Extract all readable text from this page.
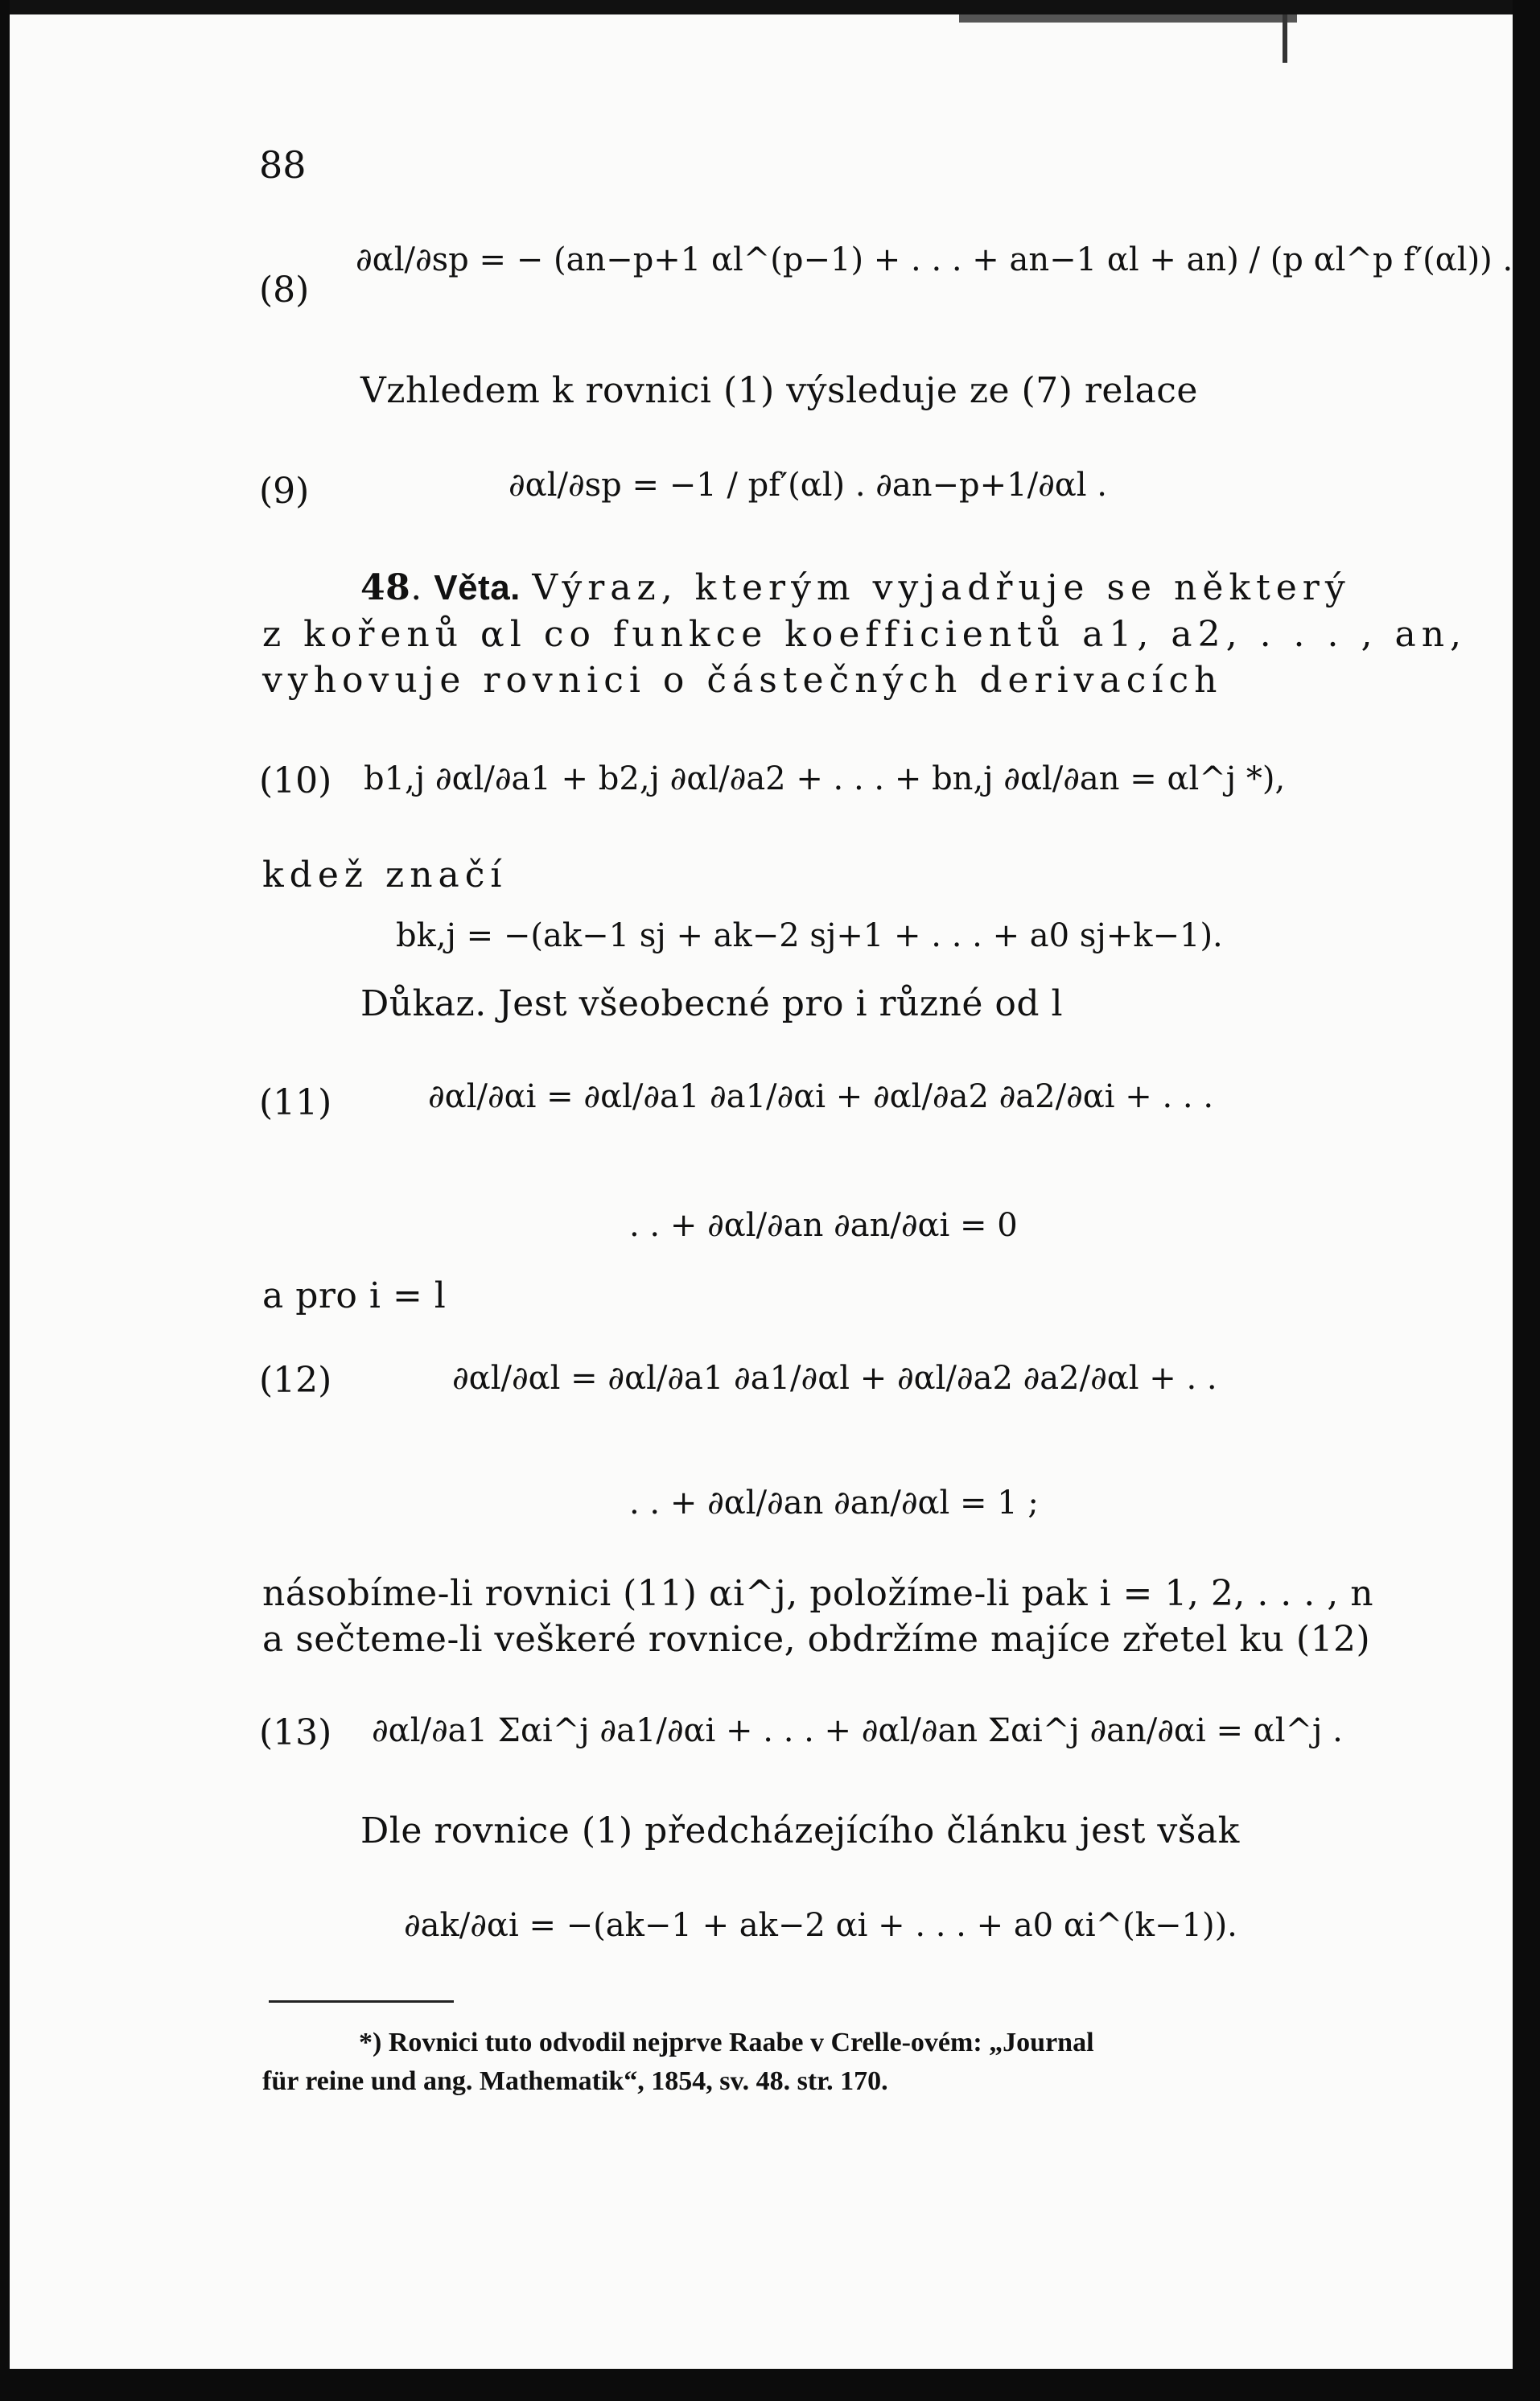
88
(8)
∂αl/∂sp = − (an−p+1 αl^(p−1) + . . . + an−1 αl + an) / (p αl^p f′(αl)) .
Vzhledem k rovnici (1) výsleduje ze (7) relace
(9)	∂αl/∂sp = −1 / pf′(αl) . ∂an−p+1/∂αl .
48. Věta. Výraz, kterým vyjadřuje se některý
z kořenů αl co funkce koefficientů a1, a2, . . . , an,
vyhovuje rovnici o částečných derivacích
(10) b1,j ∂αl/∂a1 + b2,j ∂αl/∂a2 + . . . + bn,j ∂αl/∂an = αl^j *),
kdež značí
bk,j = −(ak−1 sj + ak−2 sj+1 + . . . + a0 sj+k−1).
Důkaz. Jest všeobecné pro i různé od l
(11)	∂αl/∂αi = ∂αl/∂a1 ∂a1/∂αi + ∂αl/∂a2 ∂a2/∂αi + . . .
. . + ∂αl/∂an ∂an/∂αi = 0
a pro i = l
(12)	∂αl/∂αl = ∂αl/∂a1 ∂a1/∂αl + ∂αl/∂a2 ∂a2/∂αl + . .
. . + ∂αl/∂an ∂an/∂αl = 1 ;
násobíme-li rovnici (11) αi^j, položíme-li pak i = 1, 2, . . . , n
a sečteme-li veškeré rovnice, obdržíme majíce zřetel ku (12)
(13) ∂αl/∂a1 Σαi^j ∂a1/∂αi + . . . + ∂αl/∂an Σαi^j ∂an/∂αi = αl^j .
Dle rovnice (1) předcházejícího článku jest však
∂ak/∂αi = −(ak−1 + ak−2 αi + . . . + a0 αi^(k−1)).
*) Rovnici tuto odvodil nejprve Raabe v Crelle-ovém: „Journal
für reine und ang. Mathematik“, 1854, sv. 48. str. 170.
